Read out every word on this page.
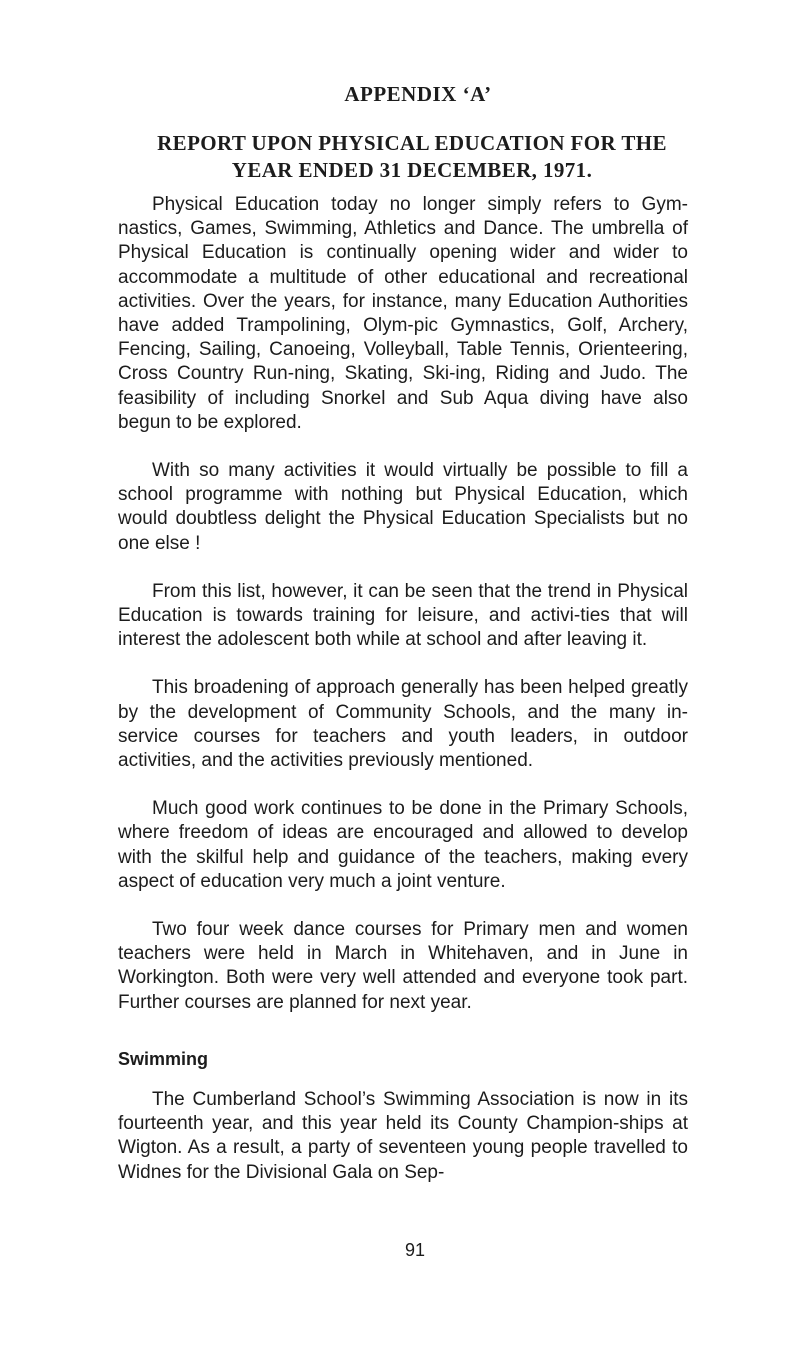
APPENDIX ‘A’
REPORT UPON PHYSICAL EDUCATION FOR THE YEAR ENDED 31 DECEMBER, 1971.

Physical Education today no longer simply refers to Gym-nastics, Games, Swimming, Athletics and Dance. The umbrella of Physical Education is continually opening wider and wider to accommodate a multitude of other educational and recreational activities. Over the years, for instance, many Education Authorities have added Trampolining, Olym-pic Gymnastics, Golf, Archery, Fencing, Sailing, Canoeing, Volleyball, Table Tennis, Orienteering, Cross Country Run-ning, Skating, Ski-ing, Riding and Judo. The feasibility of including Snorkel and Sub Aqua diving have also begun to be explored.

With so many activities it would virtually be possible to fill a school programme with nothing but Physical Education, which would doubtless delight the Physical Education Specialists but no one else !

From this list, however, it can be seen that the trend in Physical Education is towards training for leisure, and activi-ties that will interest the adolescent both while at school and after leaving it.

This broadening of approach generally has been helped greatly by the development of Community Schools, and the many in-service courses for teachers and youth leaders, in outdoor activities, and the activities previously mentioned.

Much good work continues to be done in the Primary Schools, where freedom of ideas are encouraged and allowed to develop with the skilful help and guidance of the teachers, making every aspect of education very much a joint venture.

Two four week dance courses for Primary men and women teachers were held in March in Whitehaven, and in June in Workington. Both were very well attended and everyone took part. Further courses are planned for next year.

Swimming

The Cumberland School’s Swimming Association is now in its fourteenth year, and this year held its County Champion-ships at Wigton. As a result, a party of seventeen young people travelled to Widnes for the Divisional Gala on Sep-

91
